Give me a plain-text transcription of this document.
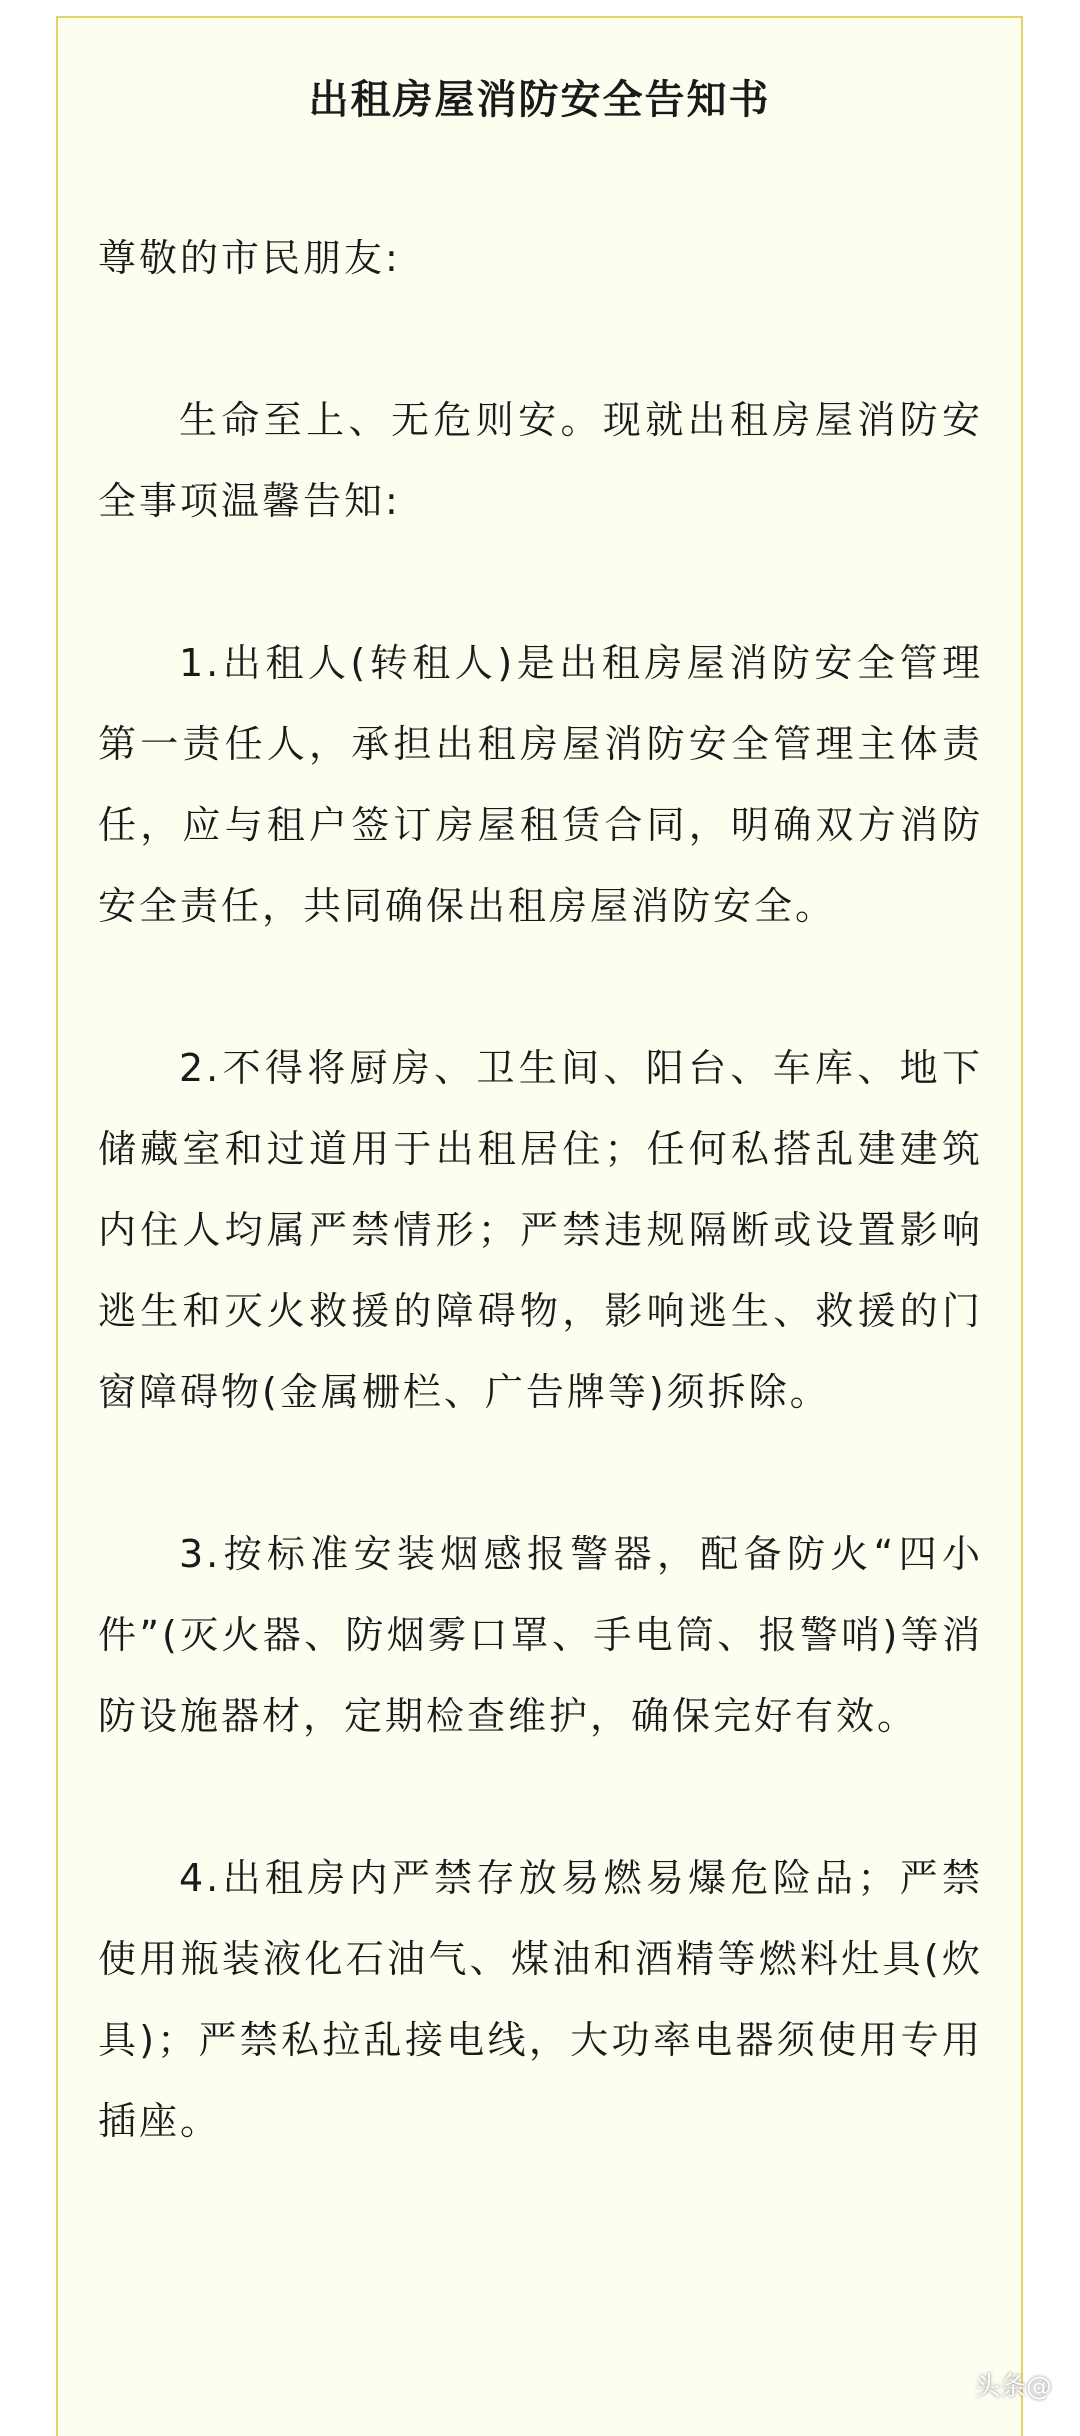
出租房屋消防安全告知书

尊敬的市民朋友:

生命至上、无危则安。现就出租房屋消防安全事项温馨告知:

1.出租人(转租人)是出租房屋消防安全管理第一责任人，承担出租房屋消防安全管理主体责任，应与租户签订房屋租赁合同，明确双方消防安全责任，共同确保出租房屋消防安全。

2.不得将厨房、卫生间、阳台、车库、地下储藏室和过道用于出租居住；任何私搭乱建建筑内住人均属严禁情形；严禁违规隔断或设置影响逃生和灭火救援的障碍物，影响逃生、救援的门窗障碍物(金属栅栏、广告牌等)须拆除。

3.按标准安装烟感报警器，配备防火“四小件”(灭火器、防烟雾口罩、手电筒、报警哨)等消防设施器材，定期检查维护，确保完好有效。

4.出租房内严禁存放易燃易爆危险品；严禁使用瓶装液化石油气、煤油和酒精等燃料灶具(炊具)；严禁私拉乱接电线，大功率电器须使用专用插座。

头条@
